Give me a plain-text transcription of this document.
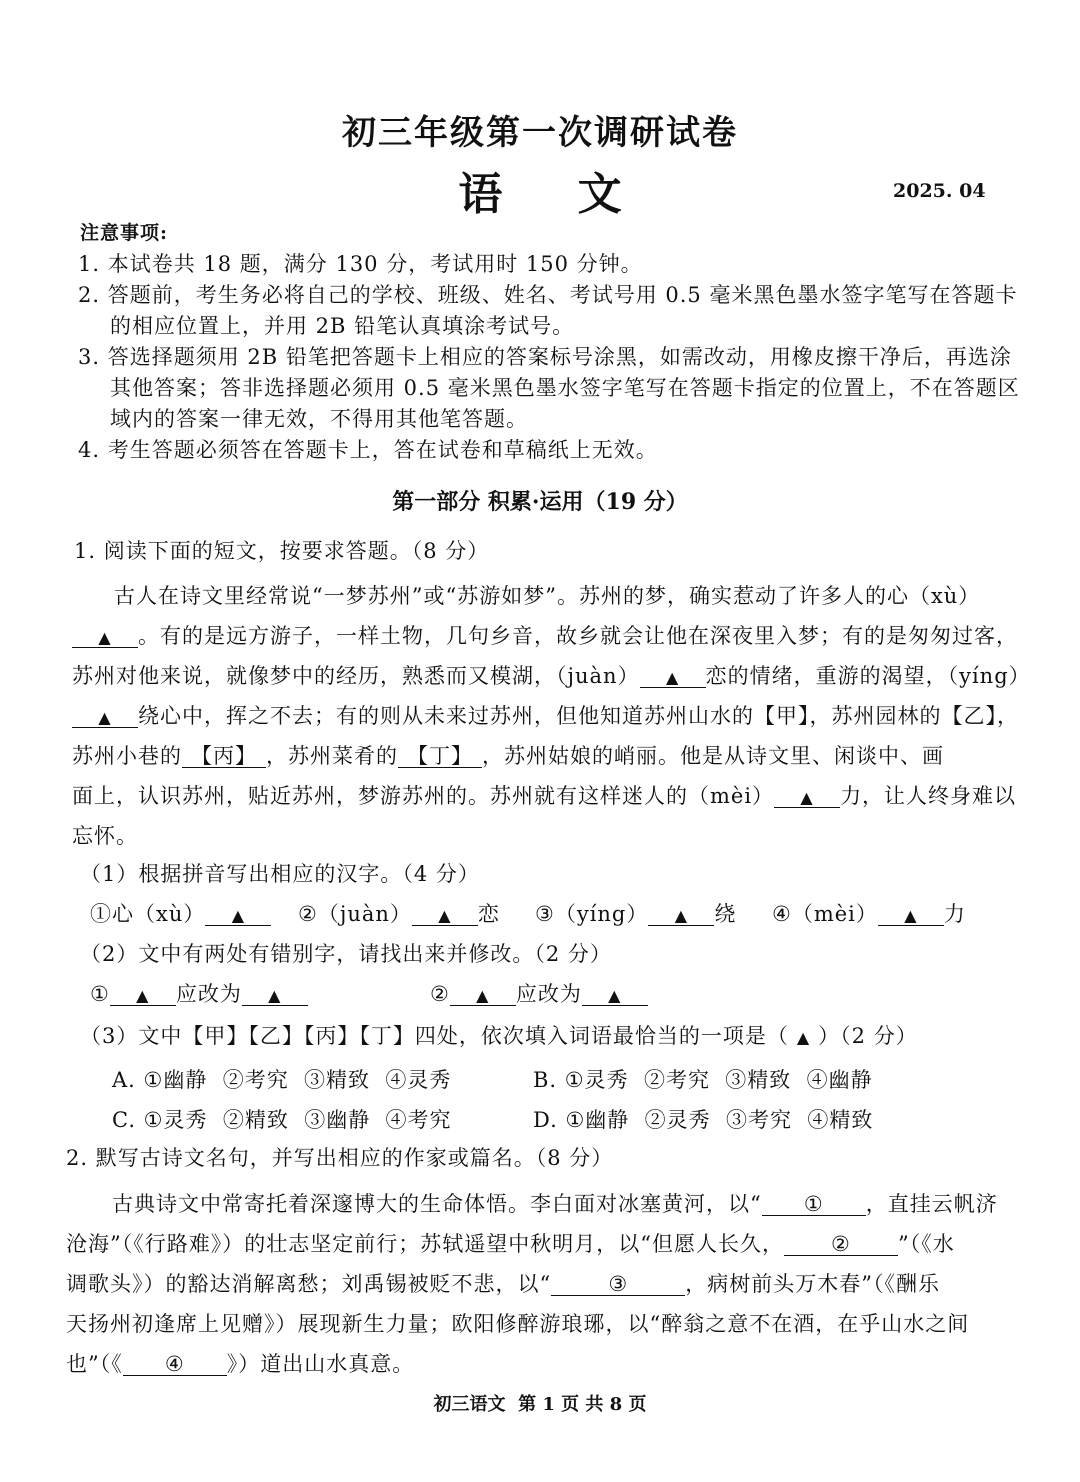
初三年级第一次调研试卷
语 文	2025. 04
注意事项:
1. 本试卷共 18 题，满分 130 分，考试用时 150 分钟。
2. 答题前，考生务必将自己的学校、班级、姓名、考试号用 0.5 毫米黑色墨水签字笔写在答题卡
的相应位置上，并用 2B 铅笔认真填涂考试号。
3. 答选择题须用 2B 铅笔把答题卡上相应的答案标号涂黑，如需改动，用橡皮擦干净后，再选涂
其他答案；答非选择题必须用 0.5 毫米黑色墨水签字笔写在答题卡指定的位置上，不在答题区
域内的答案一律无效，不得用其他笔答题。
4. 考生答题必须答在答题卡上，答在试卷和草稿纸上无效。
第一部分 积累·运用（19 分）
1. 阅读下面的短文，按要求答题。（8 分）
古人在诗文里经常说“一梦苏州”或“苏游如梦”。苏州的梦，确实惹动了许多人的心（xù）
▲ 。有的是远方游子，一样土物，几句乡音，故乡就会让他在深夜里入梦；有的是匆匆过客，
苏州对他来说，就像梦中的经历，熟悉而又模湖，（juàn） ▲ 恋的情绪，重游的渴望，（yíng）
▲ 绕心中，挥之不去；有的则从未来过苏州，但他知道苏州山水的【甲】，苏州园林的【乙】，
苏州小巷的 【丙】 ，苏州菜肴的 【丁】 ，苏州姑娘的峭丽。他是从诗文里、闲谈中、画
面上，认识苏州，贴近苏州，梦游苏州的。苏州就有这样迷人的（mèi） ▲ 力，让人终身难以
忘怀。
（1）根据拼音写出相应的汉字。（4 分）
①心（xù） ▲	②（juàn） ▲ 恋 ③（yíng） ▲ 绕 ④（mèi） ▲ 力
（2）文中有两处有错别字，请找出来并修改。（2 分）
① ▲ 应改为 ▲	② ▲ 应改为 ▲
（3）文中【甲】【乙】【丙】【丁】四处，依次填入词语最恰当的一项是（ ▲ ）（2 分）
A. ①幽静  ②考究  ③精致  ④灵秀	B. ①灵秀  ②考究  ③精致  ④幽静
C. ①灵秀  ②精致  ③幽静  ④考究	D. ①幽静  ②灵秀  ③考究  ④精致
2. 默写古诗文名句，并写出相应的作家或篇名。（8 分）
古典诗文中常寄托着深邃博大的生命体悟。李白面对冰塞黄河，以“ ① ，直挂云帆济
沧海”（《行路难》）的壮志坚定前行；苏轼遥望中秋明月，以“但愿人长久， ② ”（《水
调歌头》）的豁达消解离愁；刘禹锡被贬不悲，以“	③	，病树前头万木春”（《酬乐
天扬州初逢席上见赠》）展现新生力量；欧阳修醉游琅琊，以“醉翁之意不在酒，在乎山水之间
也”（《 ④ 》）道出山水真意。
初三语文  第 1 页 共 8 页
